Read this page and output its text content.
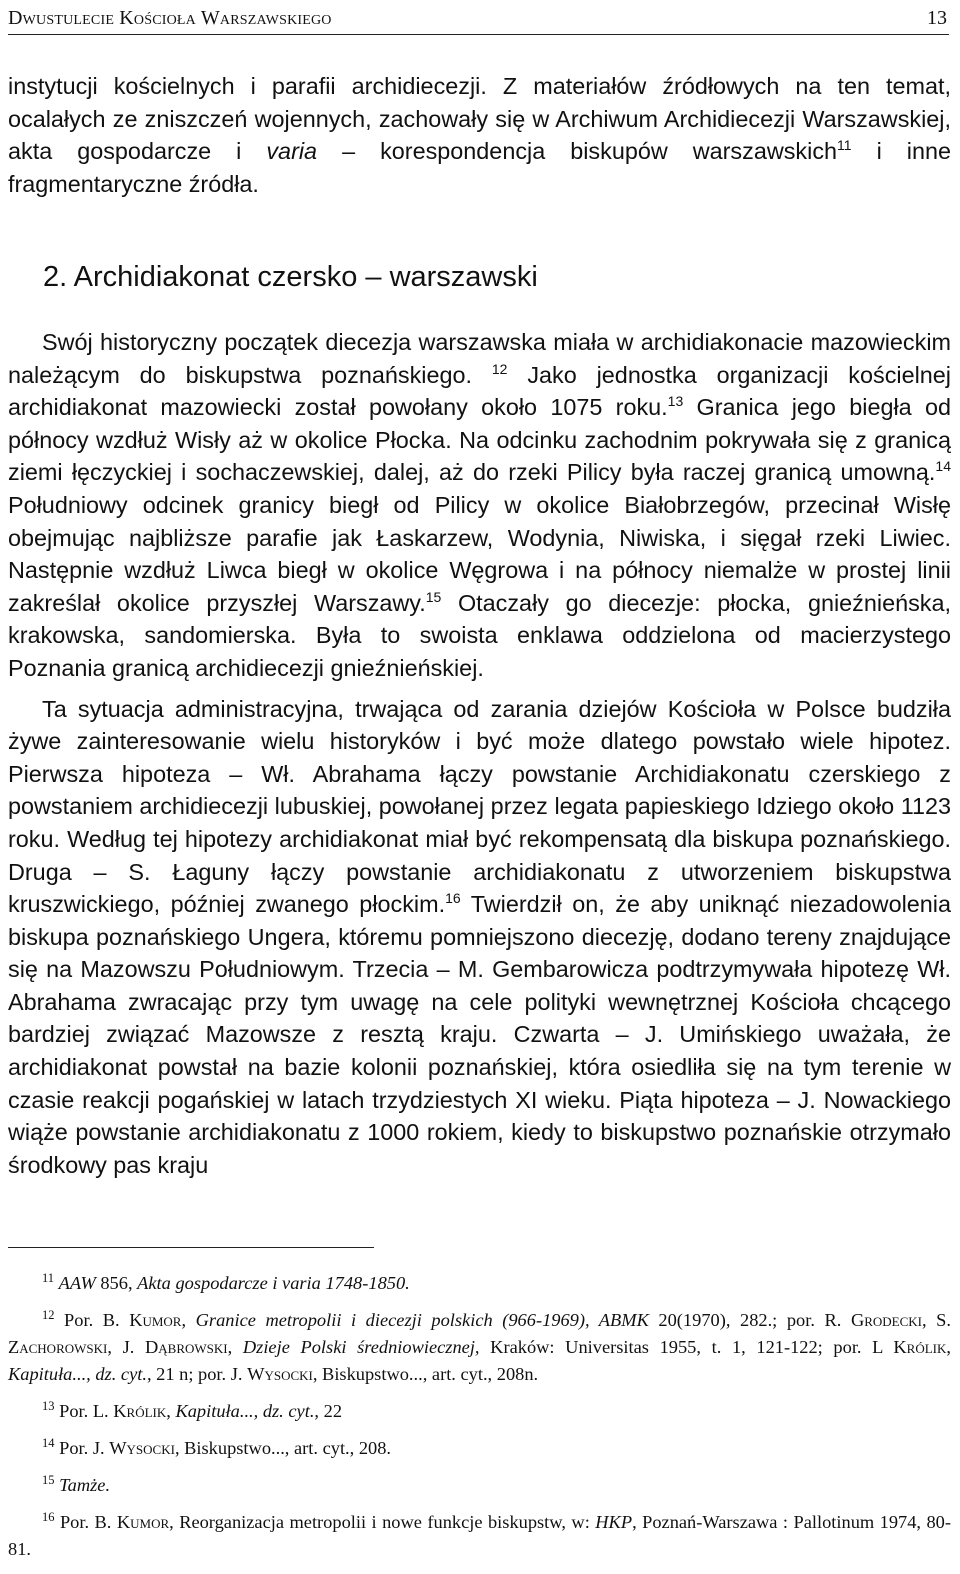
Dwustulecie Kościoła Warszawskiego	13

instytucji kościelnych i parafii archidiecezji. Z materiałów źródłowych na ten temat, ocalałych ze zniszczeń wojennych, zachowały się w Archiwum Archidiecezji Warszawskiej, akta gospodarcze i varia – korespondencja biskupów warszawskich$^{11}$ i inne fragmentaryczne źródła.

2. Archidiakonat czersko – warszawski

Swój historyczny początek diecezja warszawska miała w archidiakonacie mazowieckim należącym do biskupstwa poznańskiego. $^{12}$ Jako jednostka organizacji kościelnej archidiakonat mazowiecki został powołany około 1075 roku.$^{13}$ Granica jego biegła od północy wzdłuż Wisły aż w okolice Płocka. Na odcinku zachodnim pokrywała się z granicą ziemi łęczyckiej i sochaczewskiej, dalej, aż do rzeki Pilicy była raczej granicą umowną.$^{14}$ Południowy odcinek granicy biegł od Pilicy w okolice Białobrzegów, przecinał Wisłę obejmując najbliższe parafie jak Łaskarzew, Wodynia, Niwiska, i sięgał rzeki Liwiec. Następnie wzdłuż Liwca biegł w okolice Węgrowa i na północy niemalże w prostej linii zakreślał okolice przyszłej Warszawy.$^{15}$ Otaczały go diecezje: płocka, gnieźnieńska, krakowska, sandomierska. Była to swoista enklawa oddzielona od macierzystego Poznania granicą archidiecezji gnieźnieńskiej.

Ta sytuacja administracyjna, trwająca od zarania dziejów Kościoła w Polsce budziła żywe zainteresowanie wielu historyków i być może dlatego powstało wiele hipotez. Pierwsza hipoteza – Wł. Abrahama łączy powstanie Archidiakonatu czerskiego z powstaniem archidiecezji lubuskiej, powołanej przez legata papieskiego Idziego około 1123 roku. Według tej hipotezy archidiakonat miał być rekompensatą dla biskupa poznańskiego. Druga – S. Łaguny łączy powstanie archidiakonatu z utworzeniem biskupstwa kruszwickiego, później zwanego płockim.$^{16}$ Twierdził on, że aby uniknąć niezadowolenia biskupa poznańskiego Ungera, któremu pomniejszono diecezję, dodano tereny znajdujące się na Mazowszu Południowym. Trzecia – M. Gembarowicza podtrzymywała hipotezę Wł. Abrahama zwracając przy tym uwagę na cele polityki wewnętrznej Kościoła chcącego bardziej związać Mazowsze z resztą kraju. Czwarta – J. Umińskiego uważała, że archidiakonat powstał na bazie kolonii poznańskiej, która osiedliła się na tym terenie w czasie reakcji pogańskiej w latach trzydziestych XI wieku. Piąta hipoteza – J. Nowackiego wiąże powstanie archidiakonatu z 1000 rokiem, kiedy to biskupstwo poznańskie otrzymało środkowy pas kraju

$^{11}$ AAW 856, Akta gospodarcze i varia 1748-1850.

$^{12}$ Por. B. Kumor, Granice metropolii i diecezji polskich (966-1969), ABMK 20(1970), 282.; por. R. Grodecki, S. Zachorowski, J. Dąbrowski, Dzieje Polski średniowiecznej, Kraków: Universitas 1955, t. 1, 121-122; por. L Królik, Kapituła..., dz. cyt., 21 n; por. J. Wysocki, Biskupstwo..., art. cyt., 208n.

$^{13}$ Por. L. Królik, Kapituła..., dz. cyt., 22

$^{14}$ Por. J. Wysocki, Biskupstwo..., art. cyt., 208.

$^{15}$ Tamże.

$^{16}$ Por. B. Kumor, Reorganizacja metropolii i nowe funkcje biskupstw, w: HKP, Poznań-Warszawa : Pallotinum 1974, 80-81.
